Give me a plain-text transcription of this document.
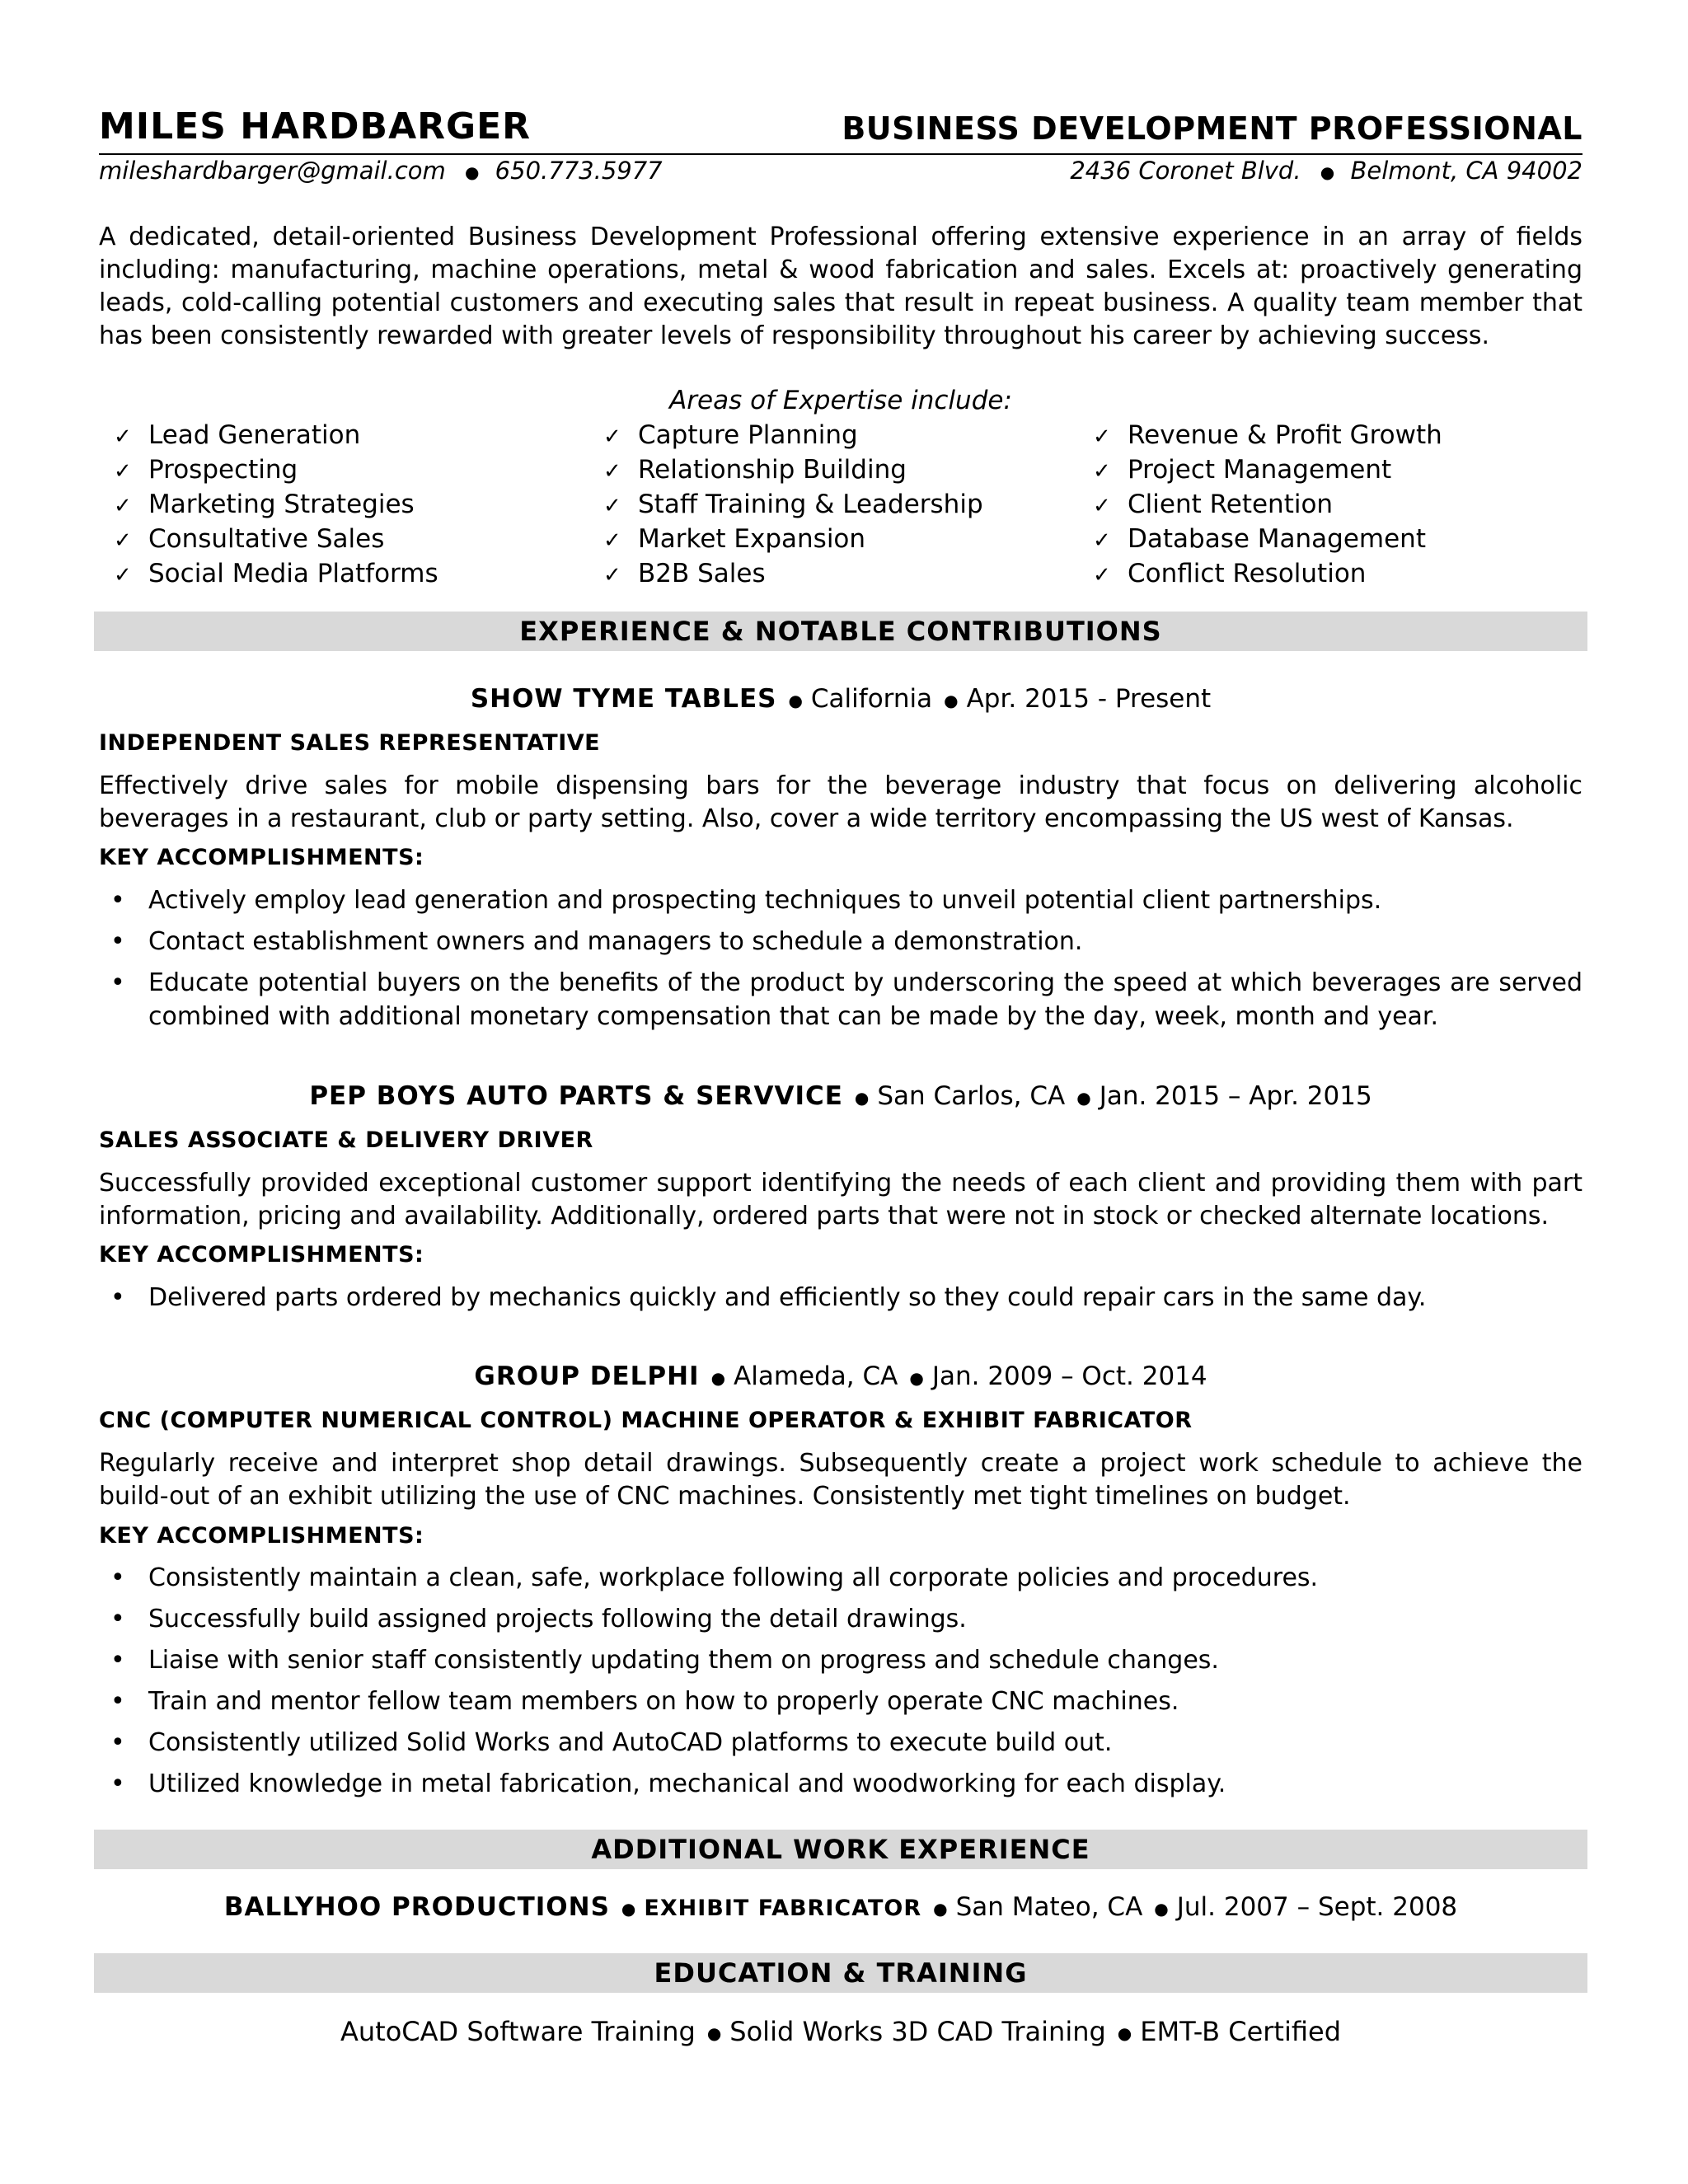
MILES HARDBARGER	BUSINESS DEVELOPMENT PROFESSIONAL
mileshardbarger@gmail.com ● 650.773.5977	2436 Coronet Blvd. ● Belmont, CA 94002

A dedicated, detail-oriented Business Development Professional offering extensive experience in an array of fields including: manufacturing, machine operations, metal & wood fabrication and sales. Excels at: proactively generating leads, cold-calling potential customers and executing sales that result in repeat business. A quality team member that has been consistently rewarded with greater levels of responsibility throughout his career by achieving success.

Areas of Expertise include:
✓ Lead Generation
✓ Prospecting
✓ Marketing Strategies
✓ Consultative Sales
✓ Social Media Platforms
✓ Capture Planning
✓ Relationship Building
✓ Staff Training & Leadership
✓ Market Expansion
✓ B2B Sales
✓ Revenue & Profit Growth
✓ Project Management
✓ Client Retention
✓ Database Management
✓ Conflict Resolution
EXPERIENCE & NOTABLE CONTRIBUTIONS
SHOW TYME TABLES ● California ● Apr. 2015 - Present
INDEPENDENT SALES REPRESENTATIVE

Effectively drive sales for mobile dispensing bars for the beverage industry that focus on delivering alcoholic beverages in a restaurant, club or party setting. Also, cover a wide territory encompassing the US west of Kansas.

KEY ACCOMPLISHMENTS:
• Actively employ lead generation and prospecting techniques to unveil potential client partnerships.
• Contact establishment owners and managers to schedule a demonstration.
• Educate potential buyers on the benefits of the product by underscoring the speed at which beverages are served combined with additional monetary compensation that can be made by the day, week, month and year.
PEP BOYS AUTO PARTS & SERVVICE ● San Carlos, CA ● Jan. 2015 – Apr. 2015
SALES ASSOCIATE & DELIVERY DRIVER

Successfully provided exceptional customer support identifying the needs of each client and providing them with part information, pricing and availability. Additionally, ordered parts that were not in stock or checked alternate locations.

KEY ACCOMPLISHMENTS:
• Delivered parts ordered by mechanics quickly and efficiently so they could repair cars in the same day.
GROUP DELPHI ● Alameda, CA ● Jan. 2009 – Oct. 2014
CNC (COMPUTER NUMERICAL CONTROL) MACHINE OPERATOR & EXHIBIT FABRICATOR

Regularly receive and interpret shop detail drawings. Subsequently create a project work schedule to achieve the build-out of an exhibit utilizing the use of CNC machines. Consistently met tight timelines on budget.

KEY ACCOMPLISHMENTS:
• Consistently maintain a clean, safe, workplace following all corporate policies and procedures.
• Successfully build assigned projects following the detail drawings.
• Liaise with senior staff consistently updating them on progress and schedule changes.
• Train and mentor fellow team members on how to properly operate CNC machines.
• Consistently utilized Solid Works and AutoCAD platforms to execute build out.
• Utilized knowledge in metal fabrication, mechanical and woodworking for each display.
ADDITIONAL WORK EXPERIENCE
BALLYHOO PRODUCTIONS ● EXHIBIT FABRICATOR ● San Mateo, CA ● Jul. 2007 – Sept. 2008
EDUCATION & TRAINING
AutoCAD Software Training ● Solid Works 3D CAD Training ● EMT-B Certified
